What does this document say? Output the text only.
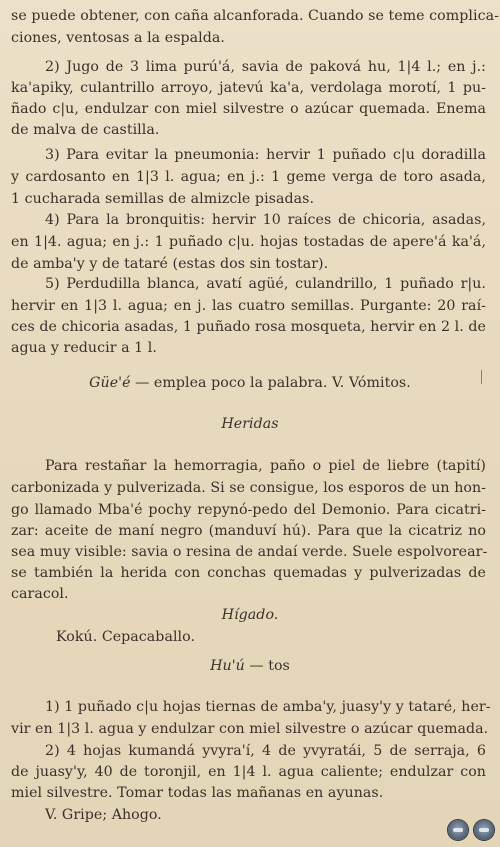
se puede obtener, con caña alcanforada. Cuando se teme complica-
ciones, ventosas a la espalda.
2) Jugo de 3 lima purú'á, savia de paková hu, 1|4 l.; en j.:
ka'apiky, culantrillo arroyo, jatevú ka'a, verdolaga morotí, 1 pu-
ñado c|u, endulzar con miel silvestre o azúcar quemada. Enema
de malva de castilla.
3) Para evitar la pneumonia: hervir 1 puñado c|u doradilla
y cardosanto en 1|3 l. agua; en j.: 1 geme verga de toro asada,
1 cucharada semillas de almizcle pisadas.
4) Para la bronquitis: hervir 10 raíces de chicoria, asadas,
en 1|4. agua; en j.: 1 puñado c|u. hojas tostadas de apere'á ka'á,
de amba'y y de tataré (estas dos sin tostar).
5) Perdudilla blanca, avatí agüé, culandrillo, 1 puñado r|u.
hervir en 1|3 l. agua; en j. las cuatro semillas. Purgante: 20 raí-
ces de chicoria asadas, 1 puñado rosa mosqueta, hervir en 2 l. de
agua y reducir a 1 l.
Güe'é — emplea poco la palabra. V. Vómitos.
Heridas
Para restañar la hemorragia, paño o piel de liebre (tapití)
carbonizada y pulverizada. Si se consigue, los esporos de un hon-
go llamado Mba'é pochy repynó-pedo del Demonio. Para cicatri-
zar: aceite de maní negro (manduví hú). Para que la cicatriz no
sea muy visible: savia o resina de andaí verde. Suele espolvorear-
se también la herida con conchas quemadas y pulverizadas de
caracol.
Hígado.
Kokú. Cepacaballo.
Hu'ú — tos
1) 1 puñado c|u hojas tiernas de amba'y, juasy'y y tataré, her-
vir en 1|3 l. agua y endulzar con miel silvestre o azúcar quemada.
2) 4 hojas kumandá yvyra'í, 4 de yvyratái, 5 de serraja, 6
de juasy'y, 40 de toronjil, en 1|4 l. agua caliente; endulzar con
miel silvestre. Tomar todas las mañanas en ayunas.
V. Gripe; Ahogo.
